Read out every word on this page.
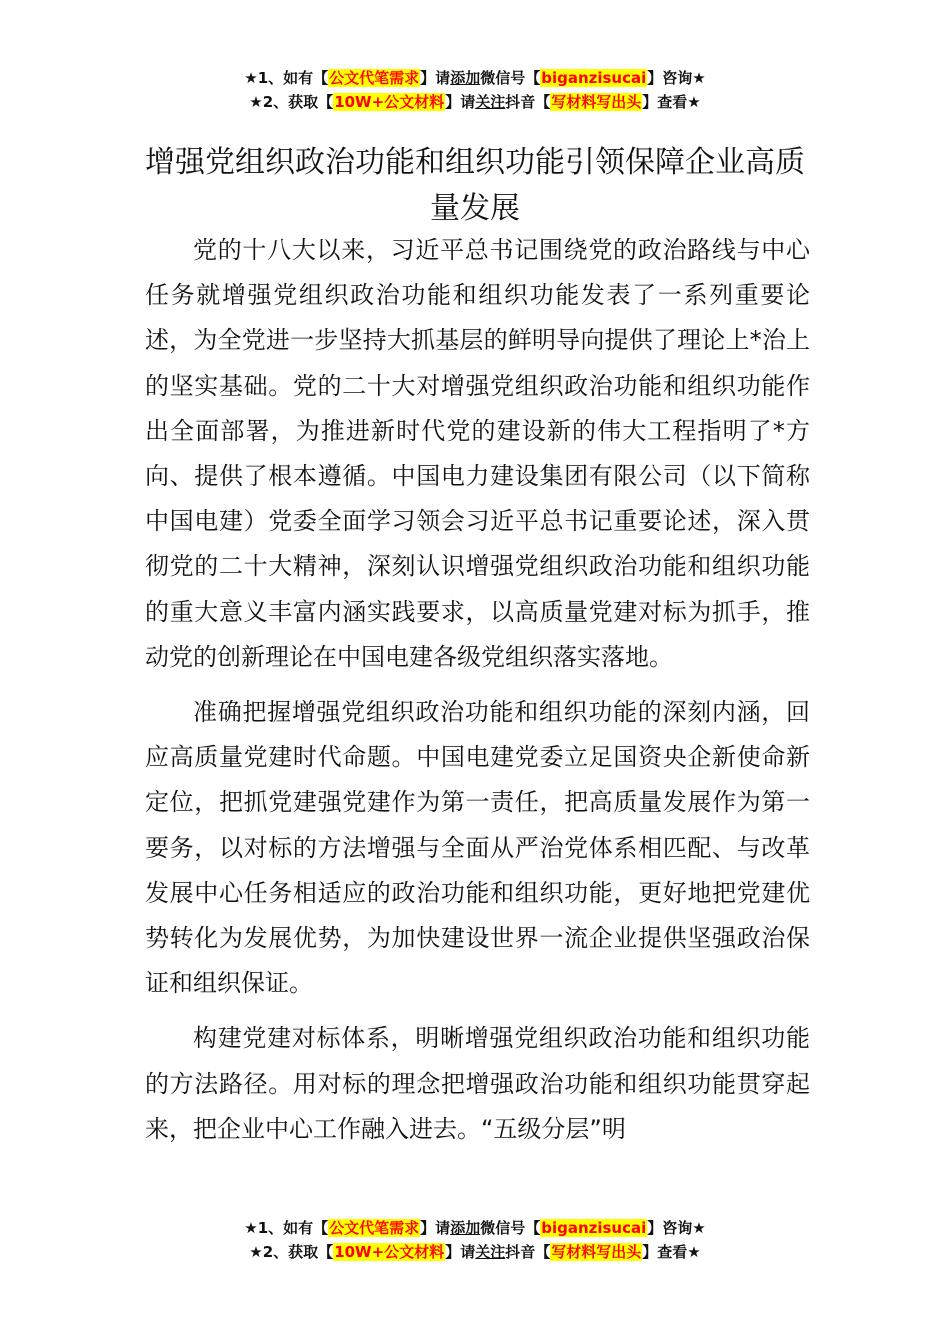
★1、如有【公文代笔需求】请添加微信号【biganzisucai】咨询★
★2、获取【10W+公文材料】请关注抖音【写材料写出头】查看★
增强党组织政治功能和组织功能引领保障企业高质量发展

党的十八大以来，习近平总书记围绕党的政治路线与中心任务就增强党组织政治功能和组织功能发表了一系列重要论述，为全党进一步坚持大抓基层的鲜明导向提供了理论上*治上的坚实基础。党的二十大对增强党组织政治功能和组织功能作出全面部署，为推进新时代党的建设新的伟大工程指明了*方向、提供了根本遵循。中国电力建设集团有限公司（以下简称中国电建）党委全面学习领会习近平总书记重要论述，深入贯彻党的二十大精神，深刻认识增强党组织政治功能和组织功能的重大意义丰富内涵实践要求，以高质量党建对标为抓手，推动党的创新理论在中国电建各级党组织落实落地。

准确把握增强党组织政治功能和组织功能的深刻内涵，回应高质量党建时代命题。中国电建党委立足国资央企新使命新定位，把抓党建强党建作为第一责任，把高质量发展作为第一要务，以对标的方法增强与全面从严治党体系相匹配、与改革发展中心任务相适应的政治功能和组织功能，更好地把党建优势转化为发展优势，为加快建设世界一流企业提供坚强政治保证和组织保证。

构建党建对标体系，明晰增强党组织政治功能和组织功能的方法路径。用对标的理念把增强政治功能和组织功能贯穿起来，把企业中心工作融入进去。“五级分层”明

★1、如有【公文代笔需求】请添加微信号【biganzisucai】咨询★
★2、获取【10W+公文材料】请关注抖音【写材料写出头】查看★
